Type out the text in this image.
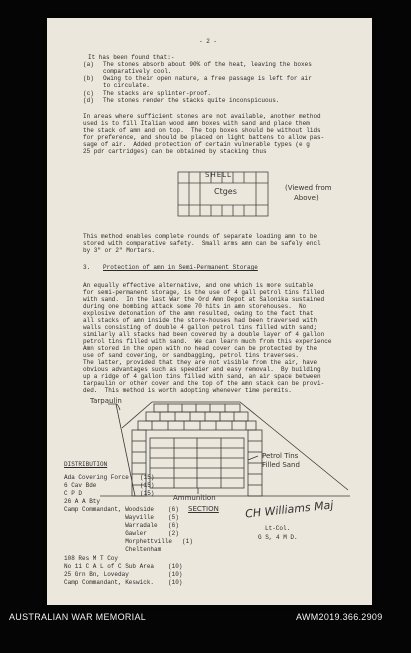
- 2 -
It has been found that:-
(a) The stones absorb about 90% of the heat, leaving the boxes
comparatively cool.
(b) Owing to their open nature, a free passage is left for air
to circulate.
(c) The stacks are splinter-proof.
(d) The stones render the stacks quite inconspicuous.
In areas where sufficient stones are not available, another method
used is to fill Italian wood amn boxes with sand and place them
the stack of amn and on top.  The top boxes should be without lids
for preference, and should be placed on light battens to allow pas-
sage of air.  Added protection of certain vulnerable types (e g
25 pdr cartridges) can be obtained by stacking thus
SHELL
Ctges	(Viewed from
Above)
This method enables complete rounds of separate loading amn to be
stored with comparative safety.  Small arms amn can be safely encl
by 3" or 2" Mortars.
3. Protection of amn in Semi-Permanent Storage
An equally effective alternative, and one which is more suitable
for semi-permanent storage, is the use of 4 gall petrol tins filled
with sand.  In the last War the Ord Amn Depot at Salonika sustained
during one bombing attack some 70 hits in amn storehouses.  No
explosive detonation of the amn resulted, owing to the fact that
all stacks of amn inside the store-houses had been traversed with
walls consisting of double 4 gallon petrol tins filled with sand;
similarly all stacks had been covered by a double layer of 4 gallon
petrol tins filled with sand.  We can learn much from this experience
Amn stored in the open with no head cover can be protected by the
use of sand covering, or sandbagging, petrol tins traverses.
The latter, provided that they are not visible from the air, have
obvious advantages such as speedier and easy removal.  By building
up a ridge of 4 gallon tins filled with sand, an air space between
tarpaulin or other cover and the top of the amn stack can be provi-
ded.  This method is worth adopting whenever time permits.
Tarpaulin
Petrol Tins
Filled Sand
Ammunition
SECTION
DISTRIBUTION
Ada Covering Force (15)
6 Cav Bde	(15)
C P D	(15)
26 A A Bty
Camp Commandant, Woodside (6)
Wayville (5)
Warradale (6)
Gawler	(2)
Morphettville (1)
Cheltenham
108 Res M T Coy
No 11 C A L of C Sub Area (10)
25 Grn Bn, Loveday	(10)
Camp Commandant, Keswick. (10)
CH Williams Maj
Lt-Col.
G S, 4 M D.
AUSTRALIAN WAR MEMORIAL	AWM2019.366.2909
